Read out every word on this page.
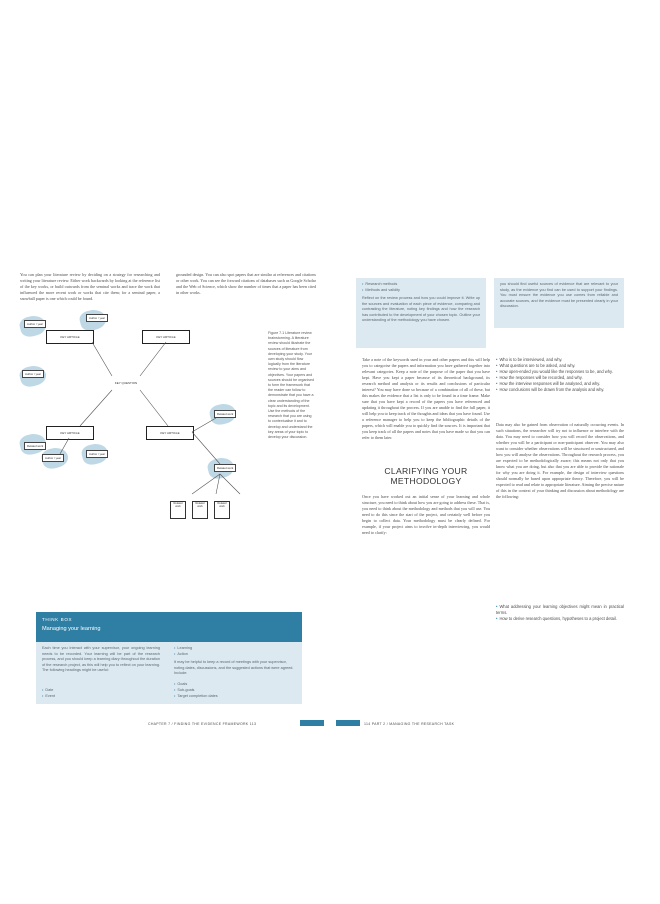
You can plan your literature review by deciding on a strategy for researching and writing your literature review. Either work backwards by looking at the reference list of the key works, or build outwards from the seminal works and trace the work that influenced the more recent work or works that cite them; for a seminal paper, a snowball paper is one which could be found.
grounded design. You can also spot papers that are similar at references and citations or other work. You can see the forward citations of databases such as Google Scholar and the Web of Science, which show the number of times that a paper has been cited in other works.
KEY ARTICLE	KEY ARTICLE
KEY QUESTION
KEY ARTICLE	KEY ARTICLE
Author / year
Author / year
Author / year
Related work
Related work
Author / year
Author / year
Related work
Figure 7.1 Literature review brainstorming. A literature review should illustrate the sources of literature from developing your study. Your own study should flow logically from the literature review to your aims and objectives. Your papers and sources should be organised to form the framework that the reader can follow to demonstrate that you have a clear understanding of the topic and its development. Use the methods of the research that you are using to contextualise it and to develop and understand the key areas of your topic to develop your discussion.
Related work
Related work
Related work
THINK BOX
Managing your learning
Each time you interact with your supervisor, your ongoing learning needs to be recorded. Your learning will be part of the research process, and you should keep a learning diary throughout the duration of the research project, as this will help you to reflect on your learning. The following headings might be useful:
• Date
• Event
• Learning
• Action
It may be helpful to keep a record of meetings with your supervisor, noting dates, discussions, and the suggested actions that were agreed. Include:
• Goals
• Sub-goals
• Target completion dates
• Research methods
• Methods and validity
Reflect on the review process and how you could improve it. Write up the sources and evaluation of each piece of evidence, comparing and contrasting the literature, noting key findings and how the research has contributed to the development of your chosen topic. Outline your understanding of the methodology you have chosen.
you should find useful sources of evidence that are relevant to your study, as the evidence you find can be used to support your findings. You must ensure the evidence you use comes from reliable and accurate sources, and the evidence must be presented clearly in your discussion.
Take a note of the keywords used in your and other papers and this will help you to categorise the papers and information you have gathered together into relevant categories. Keep a note of the purpose of the paper that you have kept. Have you kept a paper because of its theoretical background, its research method and analysis or its results and conclusions of particular interest? You may have done so because of a combination of all of these, but this makes the evidence that a list is only to be found in a time frame. Make sure that you have kept a record of the papers you have referenced and updating it throughout the process. If you are unable to find the full paper, it will help you to keep track of the thoughts and ideas that you have found. Use a reference manager to help you to keep the bibliographic details of the papers, which will enable you to quickly find the sources. It is important that you keep track of all the papers and notes that you have made so that you can refer to them later.
CLARIFYING YOUR METHODOLOGY
Once you have worked out an initial sense of your learning and whole structure, you need to think about how you are going to address these. That is, you need to think about the methodology and methods that you will use. You need to do this since the start of the project, and certainly well before you begin to collect data. Your methodology must be clearly defined. For example, if your project aims to involve in-depth interviewing, you would need to clarify:
• Who is to be interviewed, and why.
• What questions are to be asked, and why.
• How open-ended you would like the responses to be, and why.
• How the responses will be recorded, and why.
• How the interview responses will be analysed, and why.
• How conclusions will be drawn from the analysis and why.
Data may also be gained from observation of naturally occurring events. In such situations, the researcher will try not to influence or interfere with the data. You may need to consider how you will record the observations, and whether you will be a participant or non-participant observer. You may also want to consider whether observations will be structured or unstructured, and how you will analyse the observations. Throughout the research process, you are expected to be methodologically aware; this means not only that you know what you are doing, but also that you are able to provide the rationale for why you are doing it. For example, the design of interview questions should normally be based upon appropriate theory. Therefore, you will be expected to read and relate to appropriate literature. Aiming the precise nature of this in the context of your thinking and discussion about methodology are the following:
• What addressing your learning objectives might mean in practical terms.
• How to derive research questions, hypotheses to a project detail.
CHAPTER 7 / FINDING THE EVIDENCE FRAMEWORK 113	114 PART 2 / MANAGING THE RESEARCH TASK
